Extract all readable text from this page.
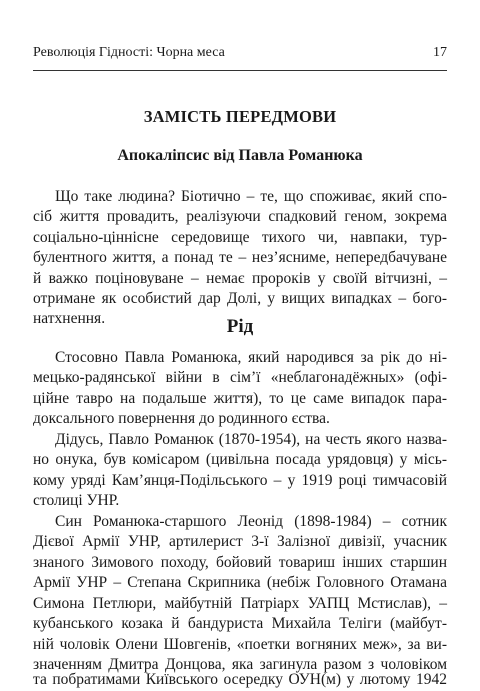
Революція Гідності: Чорна меса	17
ЗАМІСТЬ ПЕРЕДМОВИ
Апокаліпсис від Павла Романюка
Що таке людина? Біотично – те, що споживає, який спо-
сіб життя провадить, реалізуючи спадковий геном, зокрема
соціально-ціннісне середовище тихого чи, навпаки, тур-
булентного життя, а понад те – незʼясниме, непередбачуване
й важко поціновуване – немає пророків у своїй вітчизні, –
отримане як особистий дар Долі, у вищих випадках – бого-
натхнення.	Рід
Стосовно Павла Романюка, який народився за рік до ні-
мецько-радянської війни в сімʼї «неблагонадёжных» (офі-
ційне тавро на подальше життя), то це саме випадок пара-
доксального повернення до родинного єства.
Дідусь, Павло Романюк (1870-1954), на честь якого назва-
но онука, був комісаром (цивільна посада урядовця) у місь-
кому уряді Камʼянця-Подільського – у 1919 році тимчасовій
столиці УНР.
Син Романюка-старшого Леонід (1898-1984) – сотник
Дієвої Армії УНР, артилерист 3-ї Залізної дивізії, учасник
знаного Зимового походу, бойовий товариш інших старшин
Армії УНР – Степана Скрипника (небіж Головного Отамана
Симона Петлюри, майбутній Патріарх УАПЦ Мстислав), –
кубанського козака й бандуриста Михайла Теліги (майбут-
ній чоловік Олени Шовгенів, «поетки вогняних меж», за ви-
значенням Дмитра Донцова, яка загинула разом з чоловіком
та побратимами Київського осередку ОУН(м) у лютому 1942
